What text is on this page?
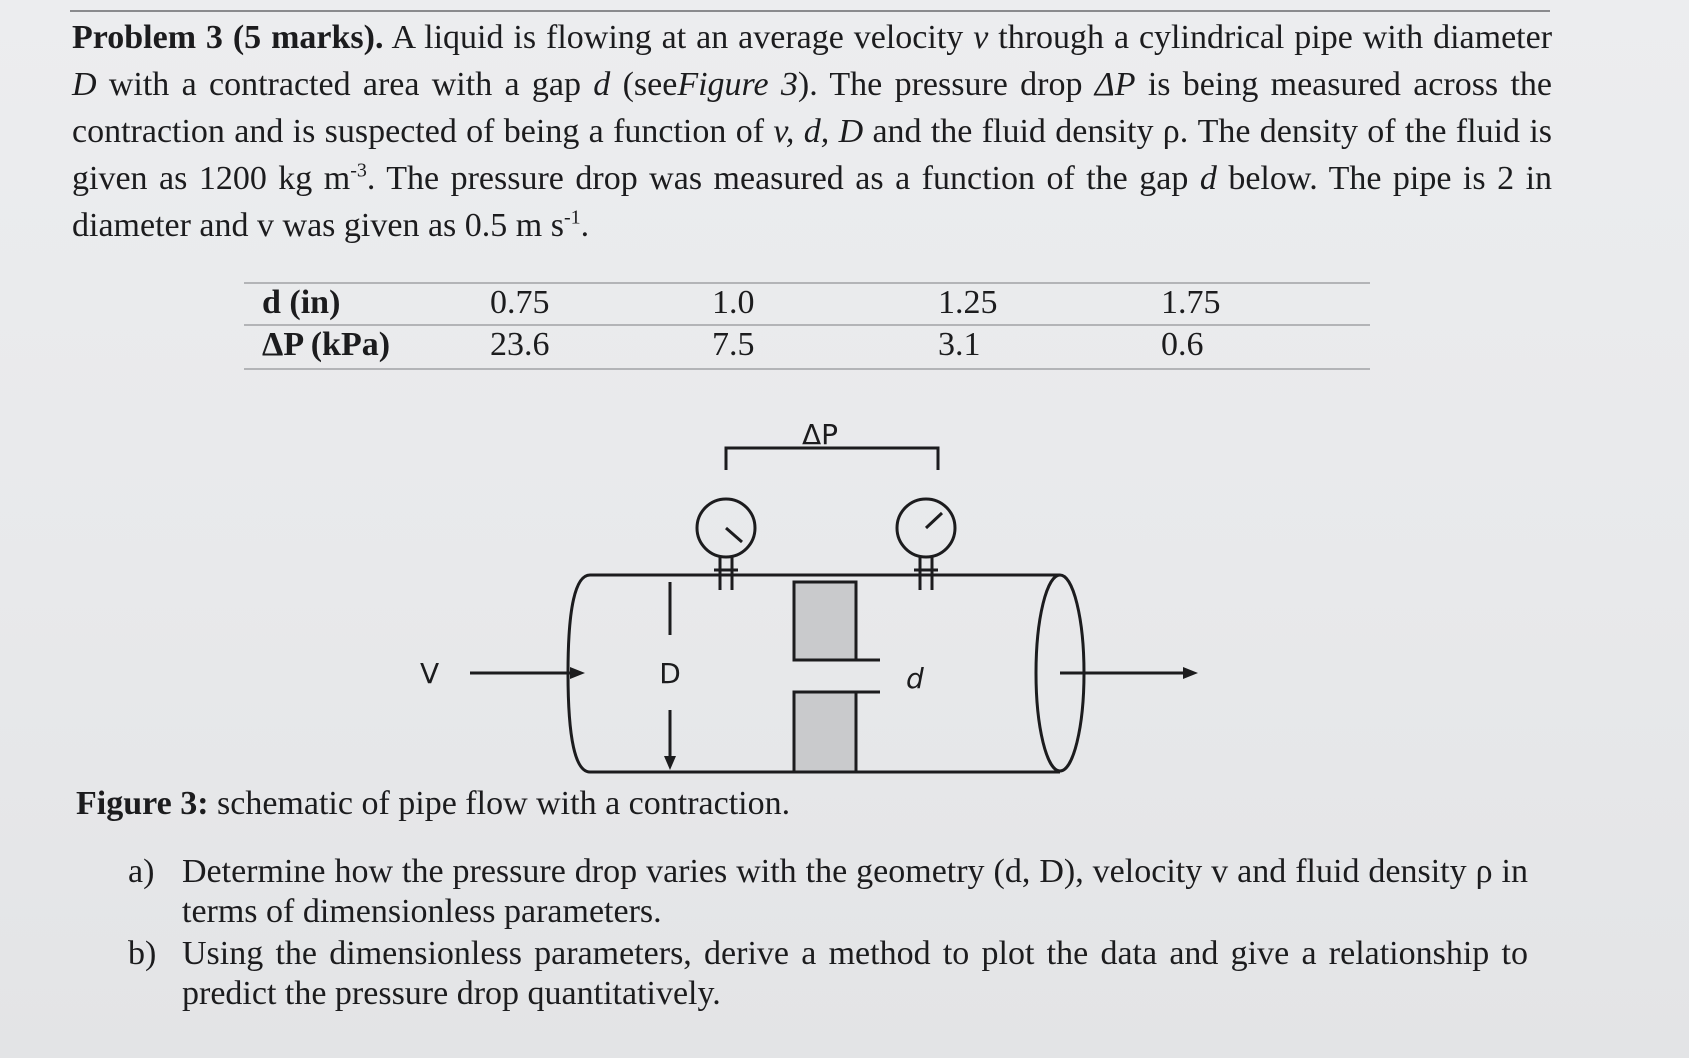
Problem 3 (5 marks). A liquid is flowing at an average velocity v through a cylindrical pipe with diameter D with a contracted area with a gap d (seeFigure 3). The pressure drop ΔP is being measured across the contraction and is suspected of being a function of v, d, D and the fluid density ρ. The density of the fluid is given as 1200 kg $m^{-3}$. The pressure drop was measured as a function of the gap d below. The pipe is 2 in diameter and v was given as 0.5 m $s^{-1}$.
d (in)	0.75	1.0	1.25	1.75
ΔP (kPa)	23.6	7.5	3.1	0.6
ΔP
V	D	d
Figure 3: schematic of pipe flow with a contraction.
a) Determine how the pressure drop varies with the geometry (d, D), velocity v and fluid density ρ in terms of dimensionless parameters.
b) Using the dimensionless parameters, derive a method to plot the data and give a relationship to predict the pressure drop quantitatively.
